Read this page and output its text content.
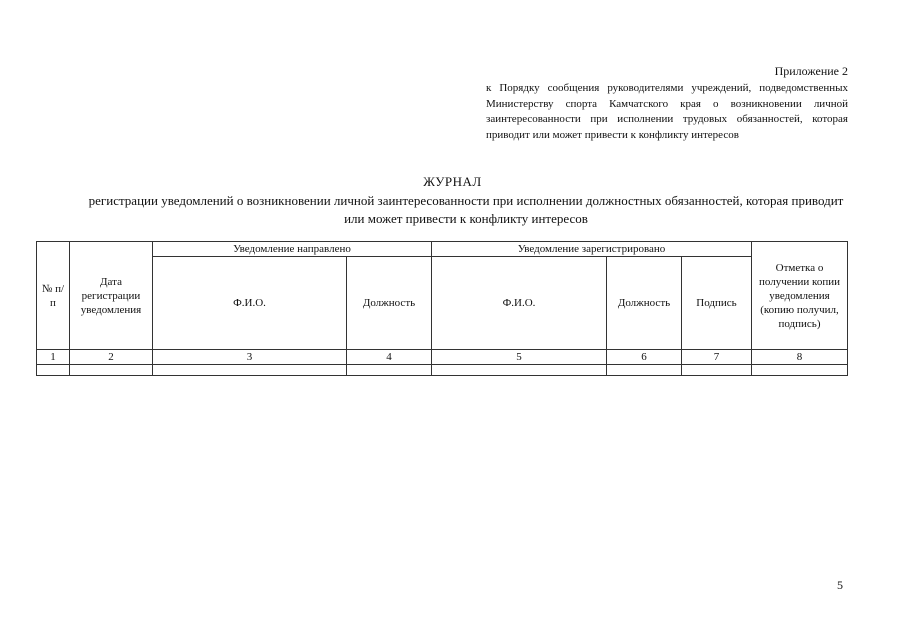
Приложение 2
к Порядку сообщения руководителями учреждений, подведомственных Министерству спорта Камчатского края о возникновении личной заинтересованности при исполнении трудовых обязанностей, которая приводит или может привести к конфликту интересов
ЖУРНАЛ
регистрации уведомлений о возникновении личной заинтересованности при исполнении должностных обязанностей, которая приводит или может привести к конфликту интересов
№ п/п	Дата регистрации уведомления	Уведомление направлено		Уведомление зарегистрировано			Отметка о получении копии уведомления (копию получил, подпись)
		Ф.И.О.	Должность	Ф.И.О.	Должность	Подпись	
1	2	3	4	5	6	7	8

5
